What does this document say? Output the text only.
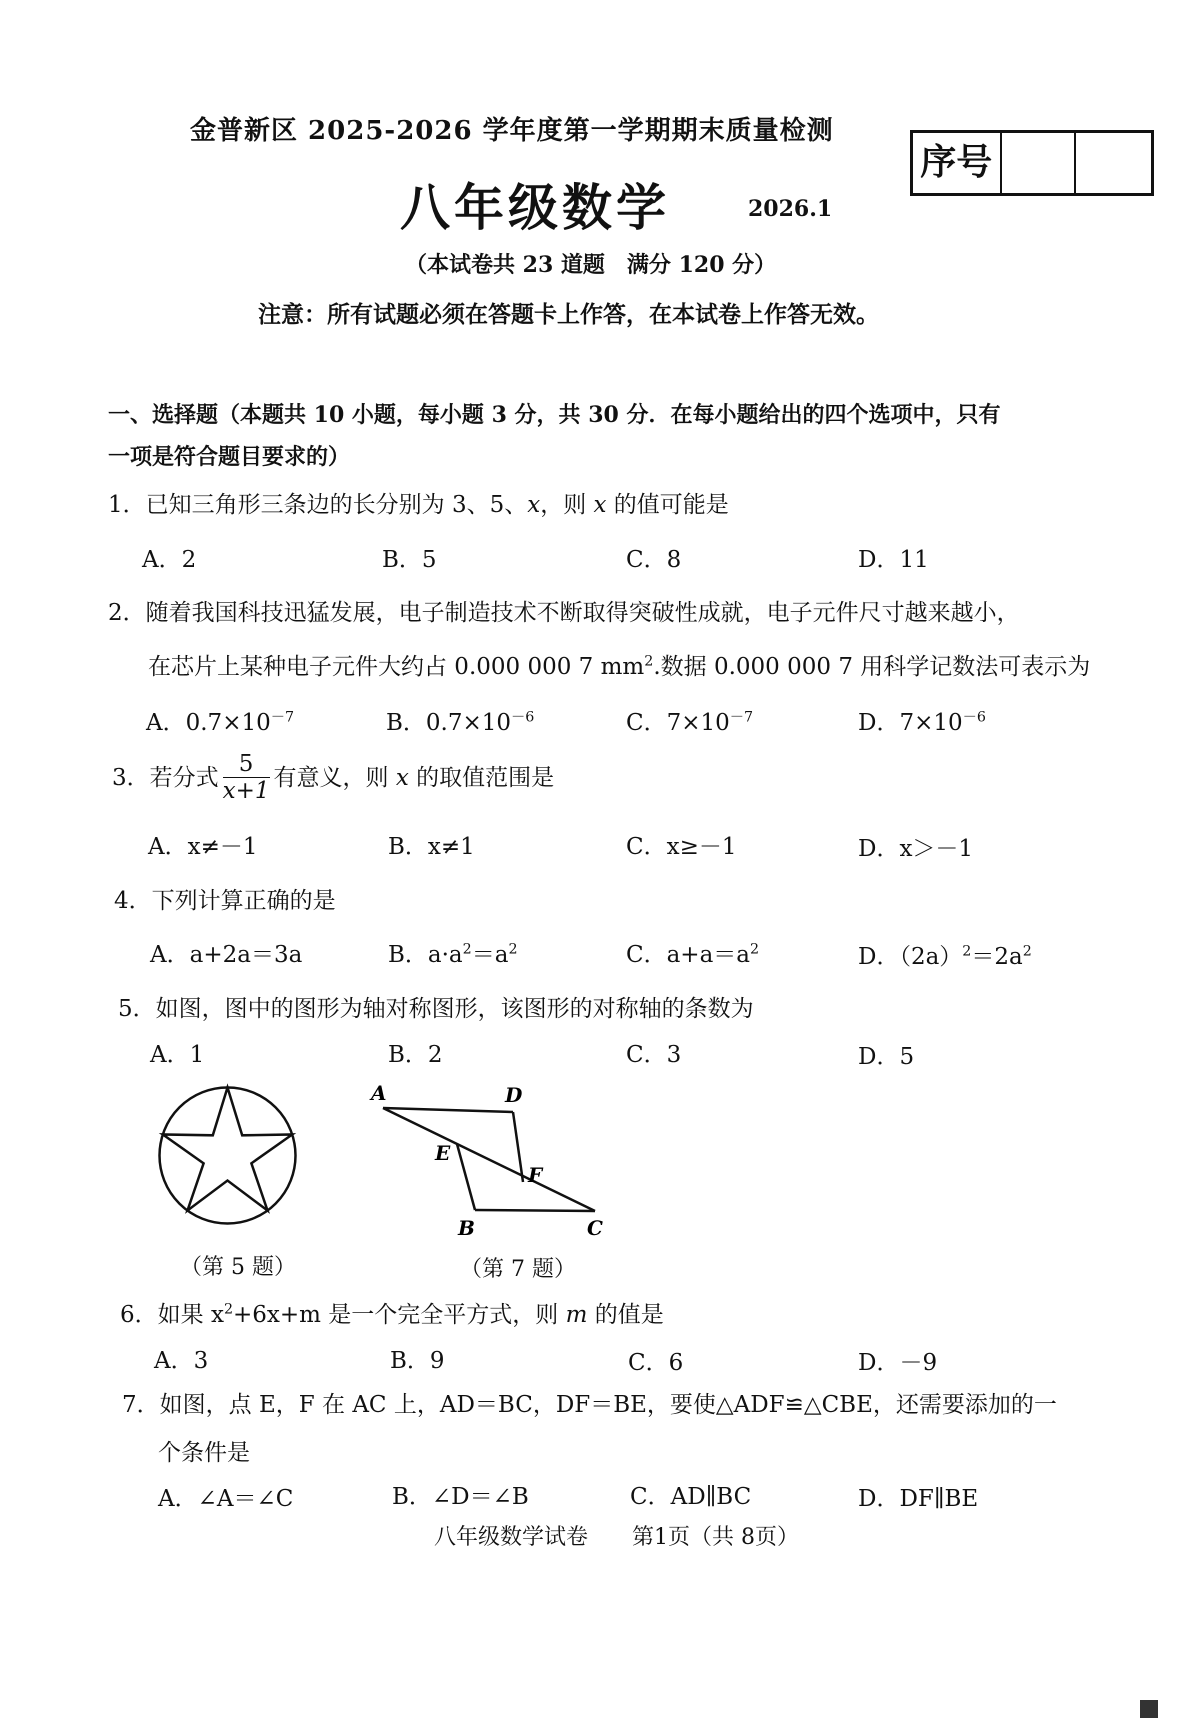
金普新区 2025-2026 学年度第一学期期末质量检测
八年级数学	2026.1
（本试卷共 23 道题　满分 120 分）
注意：所有试题必须在答题卡上作答，在本试卷上作答无效。
序号
一、选择题（本题共 10 小题，每小题 3 分，共 30 分．在每小题给出的四个选项中，只有
一项是符合题目要求的）
1．已知三角形三条边的长分别为 3、5、x，则 x 的值可能是
A．2	B．5	C．8	D．11
2．随着我国科技迅猛发展，电子制造技术不断取得突破性成就，电子元件尺寸越来越小，
在芯片上某种电子元件大约占 0.000 000 7 $mm^2$.数据 0.000 000 7 用科学记数法可表示为
A．$0.7\times 10^{-7}$	B．$0.7\times 10^{-6}$	C．$7\times 10^{-7}$	D．$7\times 10^{-6}$
3．若分式 $\frac{5}{x+1}$ 有意义，则 x 的取值范围是
A．x≠－1	B．x≠1	C．x≥－1	D．x＞－1
4．下列计算正确的是
A．a+2a＝3a	B．$a\cdot a^2=a^2$	C．$a+a=a^2$	D．$(2a)^2=2a^2$
5．如图，图中的图形为轴对称图形，该图形的对称轴的条数为
A．1	B．2	C．3	D．5
（第 5 题）
A	D
E
F
B	C
（第 7 题）
6．如果 $x^2+6x+m$ 是一个完全平方式，则 m 的值是
A．3	B．9	C．6	D．－9
7．如图，点 E，F 在 AC 上，AD＝BC，DF＝BE，要使△ADF≌△CBE，还需要添加的一
个条件是
A．∠A＝∠C	B．∠D＝∠B	C．AD∥BC	D．DF∥BE
八年级数学试卷　　第1页（共 8页）
